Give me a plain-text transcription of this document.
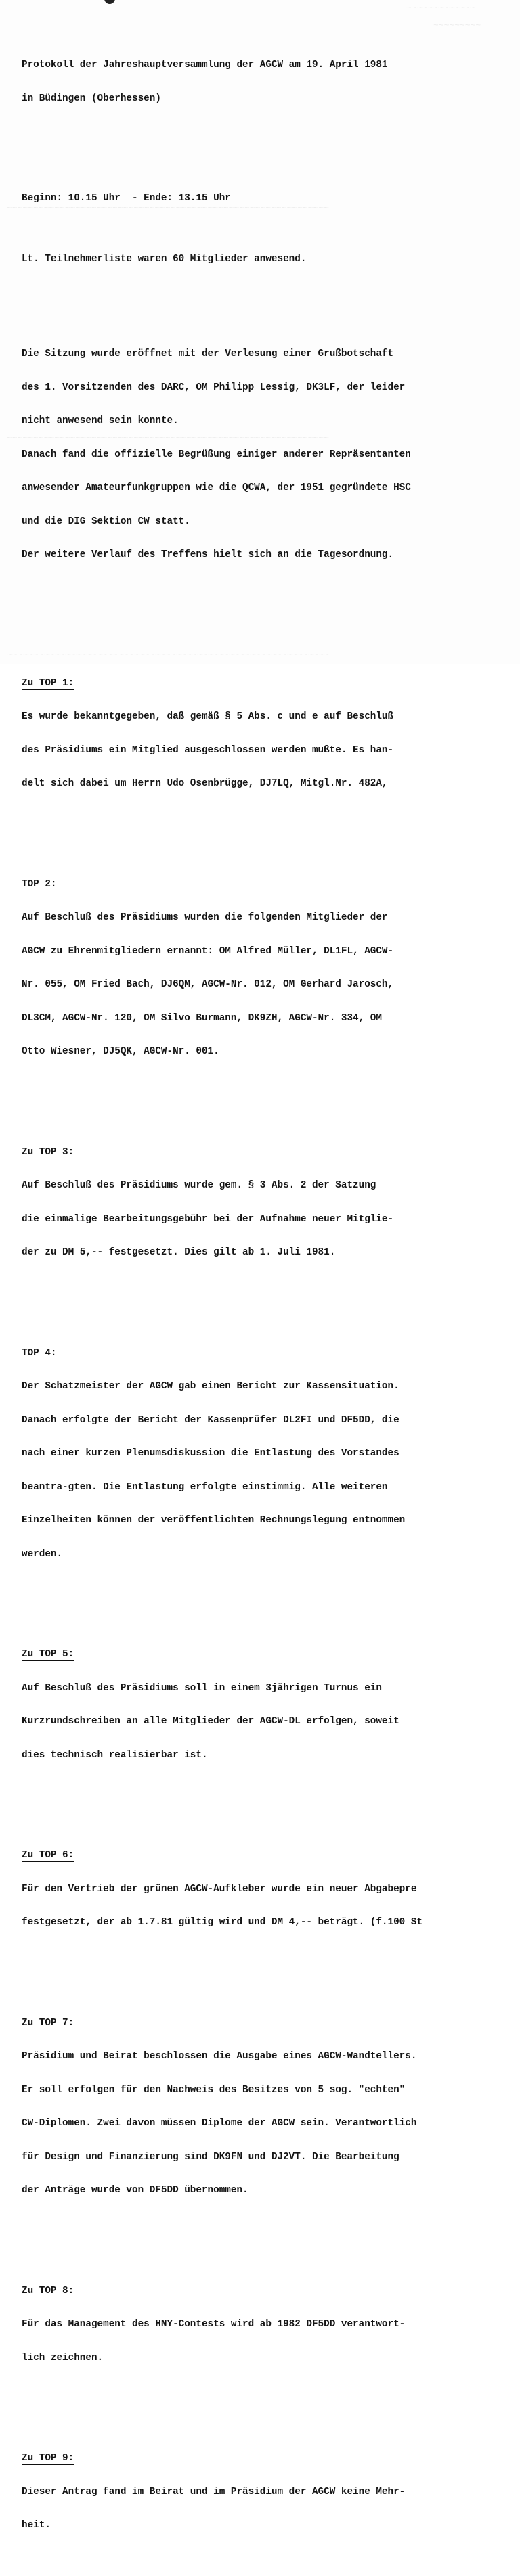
~~~~~~~~~~~~~
~~~~~~~~~
~~~~~~~~~~~~~~~~~~~~~~~~~~~~~~~~~~~~~~~~~~~~~~~~~~~~~~~~~~~~~
~~~~~~~~~~~~~~~~~~~~~~~~~~~~~~~~~~~~~~~~~~~~~~~~~~~~~~~~~~~~~
~~~~~~~~~~~~~~~~~~~~~~~~~~~~~~~~~~~~~~~~~~~~~~~~~~~~~~~~~~~~~

Protokoll der Jahreshauptversammlung der AGCW am 19. April 1981

in Büdingen (Oberhessen)

Beginn: 10.15 Uhr  - Ende: 13.15 Uhr

Lt. Teilnehmerliste waren 60 Mitglieder anwesend.

Die Sitzung wurde eröffnet mit der Verlesung einer Grußbotschaft

des 1. Vorsitzenden des DARC, OM Philipp Lessig, DK3LF, der leider

nicht anwesend sein konnte.

Danach fand die offizielle Begrüßung einiger anderer Repräsentanten

anwesender Amateurfunkgruppen wie die QCWA, der 1951 gegründete HSC

und die DIG Sektion CW statt.

Der weitere Verlauf des Treffens hielt sich an die Tagesordnung.

Zu TOP 1:

Es wurde bekanntgegeben, daß gemäß § 5 Abs. c und e auf Beschluß

des Präsidiums ein Mitglied ausgeschlossen werden mußte. Es han-

delt sich dabei um Herrn Udo Osenbrügge, DJ7LQ, Mitgl.Nr. 482A,

TOP 2:

Auf Beschluß des Präsidiums wurden die folgenden Mitglieder der

AGCW zu Ehrenmitgliedern ernannt: OM Alfred Müller, DL1FL, AGCW-

Nr. 055, OM Fried Bach, DJ6QM, AGCW-Nr. 012, OM Gerhard Jarosch,

DL3CM, AGCW-Nr. 120, OM Silvo Burmann, DK9ZH, AGCW-Nr. 334, OM

Otto Wiesner, DJ5QK, AGCW-Nr. 001.

Zu TOP 3:

Auf Beschluß des Präsidiums wurde gem. § 3 Abs. 2 der Satzung

die einmalige Bearbeitungsgebühr bei der Aufnahme neuer Mitglie-

der zu DM 5,-- festgesetzt. Dies gilt ab 1. Juli 1981.

TOP 4:

Der Schatzmeister der AGCW gab einen Bericht zur Kassensituation.

Danach erfolgte der Bericht der Kassenprüfer DL2FI und DF5DD, die

nach einer kurzen Plenumsdiskussion die Entlastung des Vorstandes

beantra-gten. Die Entlastung erfolgte einstimmig. Alle weiteren

Einzelheiten können der veröffentlichten Rechnungslegung entnommen

werden.

Zu TOP 5:

Auf Beschluß des Präsidiums soll in einem 3jährigen Turnus ein

Kurzrundschreiben an alle Mitglieder der AGCW-DL erfolgen, soweit

dies technisch realisierbar ist.

Zu TOP 6:

Für den Vertrieb der grünen AGCW-Aufkleber wurde ein neuer Abgabepre

festgesetzt, der ab 1.7.81 gültig wird und DM 4,-- beträgt. (f.100 St

Zu TOP 7:

Präsidium und Beirat beschlossen die Ausgabe eines AGCW-Wandtellers.

Er soll erfolgen für den Nachweis des Besitzes von 5 sog. "echten"

CW-Diplomen. Zwei davon müssen Diplome der AGCW sein. Verantwortlich

für Design und Finanzierung sind DK9FN und DJ2VT. Die Bearbeitung

der Anträge wurde von DF5DD übernommen.

Zu TOP 8:

Für das Management des HNY-Contests wird ab 1982 DF5DD verantwort-

lich zeichnen.

Zu TOP 9:

Dieser Antrag fand im Beirat und im Präsidium der AGCW keine Mehr-

heit.
